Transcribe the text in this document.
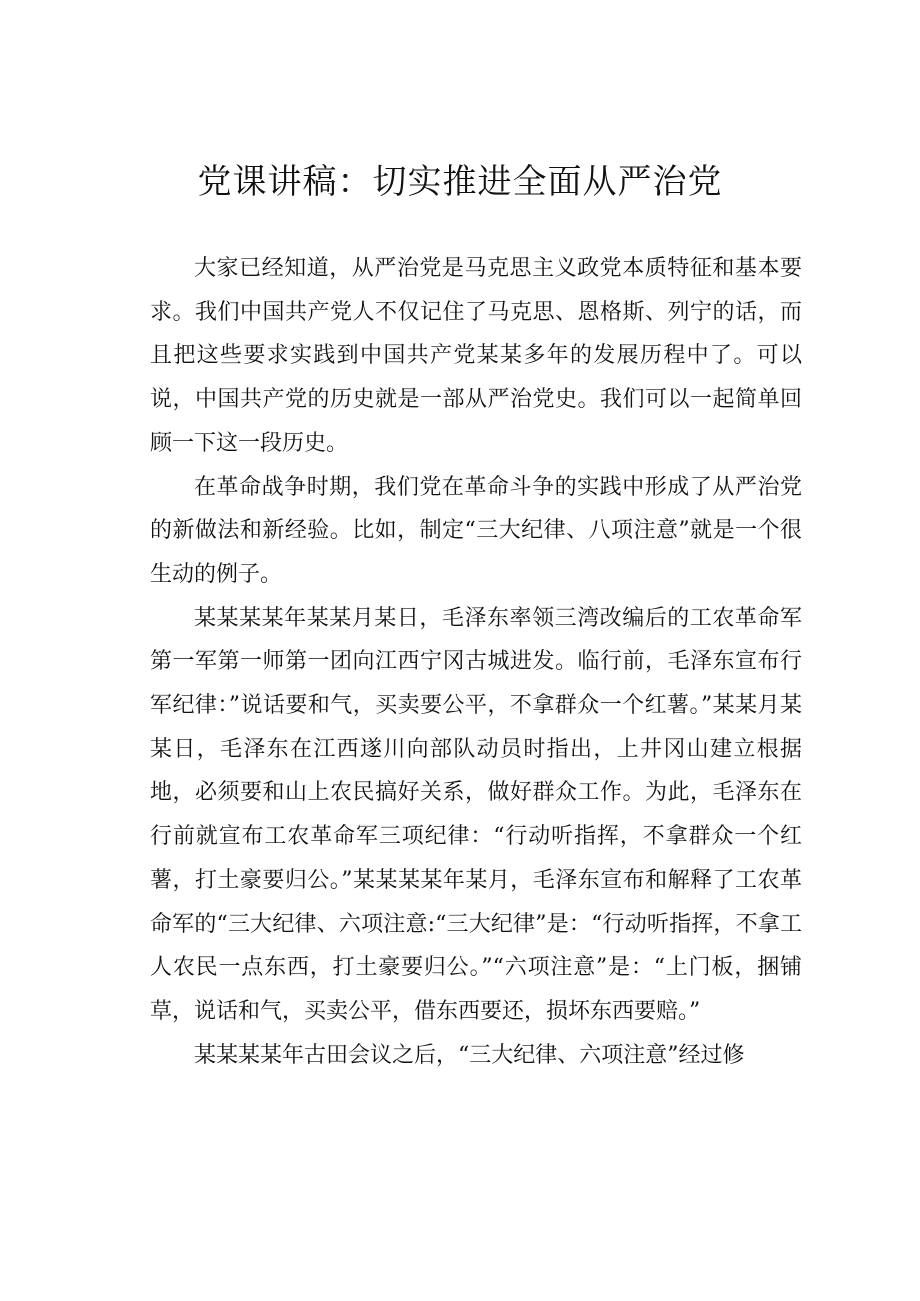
党课讲稿：切实推进全面从严治党

大家已经知道，从严治党是马克思主义政党本质特征和基本要求。我们中国共产党人不仅记住了马克思、恩格斯、列宁的话，而且把这些要求实践到中国共产党某某多年的发展历程中了。可以说，中国共产党的历史就是一部从严治党史。我们可以一起简单回顾一下这一段历史。

在革命战争时期，我们党在革命斗争的实践中形成了从严治党的新做法和新经验。比如，制定“三大纪律、八项注意”就是一个很生动的例子。

某某某某年某某月某日，毛泽东率领三湾改编后的工农革命军第一军第一师第一团向江西宁冈古城进发。临行前，毛泽东宣布行军纪律：”说话要和气，买卖要公平，不拿群众一个红薯。”某某月某某日，毛泽东在江西遂川向部队动员时指出，上井冈山建立根据地，必须要和山上农民搞好关系，做好群众工作。为此，毛泽东在行前就宣布工农革命军三项纪律：“行动听指挥，不拿群众一个红薯，打土豪要归公。”某某某某年某月，毛泽东宣布和解释了工农革命军的“三大纪律、六项注意:“三大纪律”是：“行动听指挥，不拿工人农民一点东西，打土豪要归公。”“六项注意”是：“上门板，捆铺草，说话和气，买卖公平，借东西要还，损坏东西要赔。”

某某某某年古田会议之后，“三大纪律、六项注意”经过修
